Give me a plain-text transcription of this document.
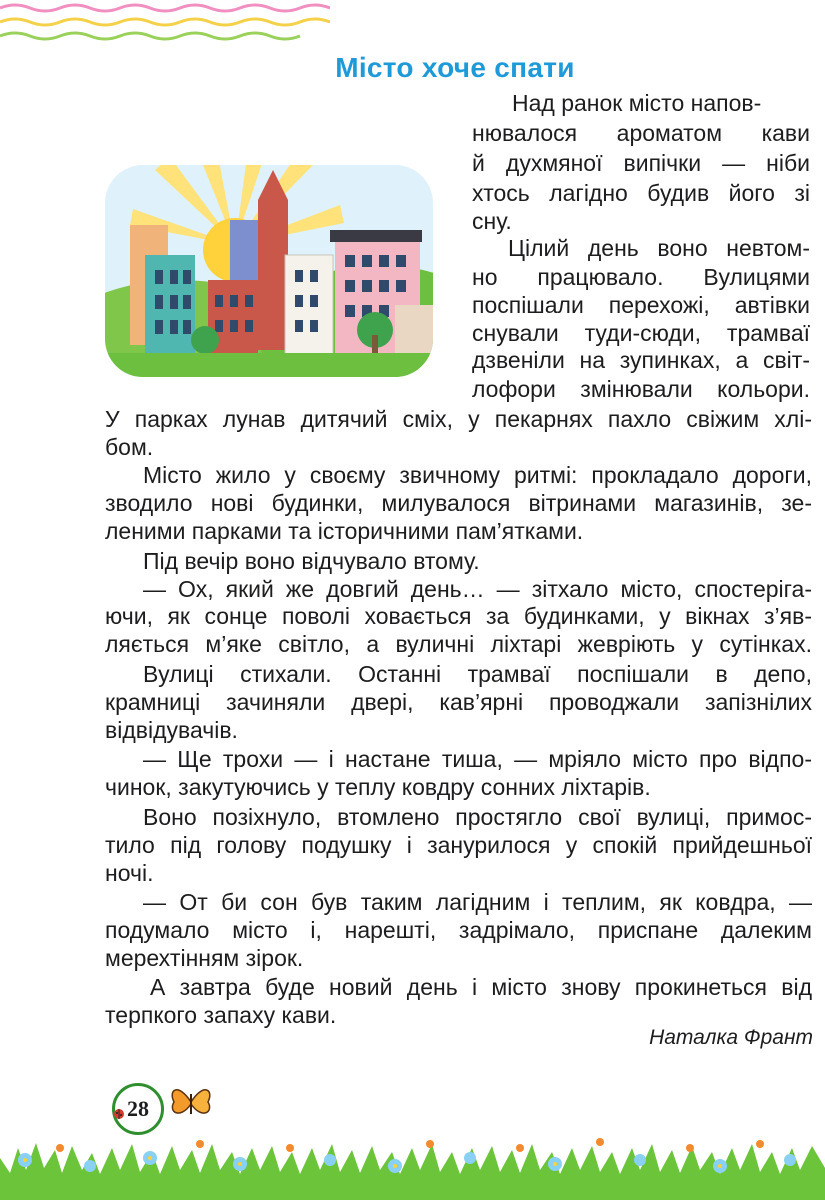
Місто хоче спати
Над ранок місто напов-
нювалося ароматом кави
й духмяної випічки — ніби
хтось лагідно будив його зі
сну.
Цілий день воно невтом-
но працювало. Вулицями
поспішали перехожі, автівки
снували туди-сюди, трамваї
дзвеніли на зупинках, а світ-
лофори змінювали кольори.
У парках лунав дитячий сміх, у пекарнях пахло свіжим хлі-
бом.
Місто жило у своєму звичному ритмі: прокладало дороги,
зводило нові будинки, милувалося вітринами магазинів, зе-
леними парками та історичними пам’ятками.
Під вечір воно відчувало втому.
— Ох, який же довгий день… — зітхало місто, спостеріга-
ючи, як сонце поволі ховається за будинками, у вікнах з’яв-
ляється м’яке світло, а вуличні ліхтарі жевріють у сутінках.
Вулиці стихали. Останні трамваї поспішали в депо,
крамниці зачиняли двері, кав’ярні проводжали запізнілих
відвідувачів.
— Ще трохи — і настане тиша, — мріяло місто про відпо-
чинок, закутуючись у теплу ковдру сонних ліхтарів.
Воно позіхнуло, втомлено простягло свої вулиці, примос-
тило під голову подушку і занурилося у спокій прийдешньої
ночі.
— От би сон був таким лагідним і теплим, як ковдра, —
подумало місто і, нарешті, задрімало, приспане далеким
мерехтінням зірок.
А завтра буде новий день і місто знову прокинеться від
терпкого запаху кави.
Наталка Франт
28
